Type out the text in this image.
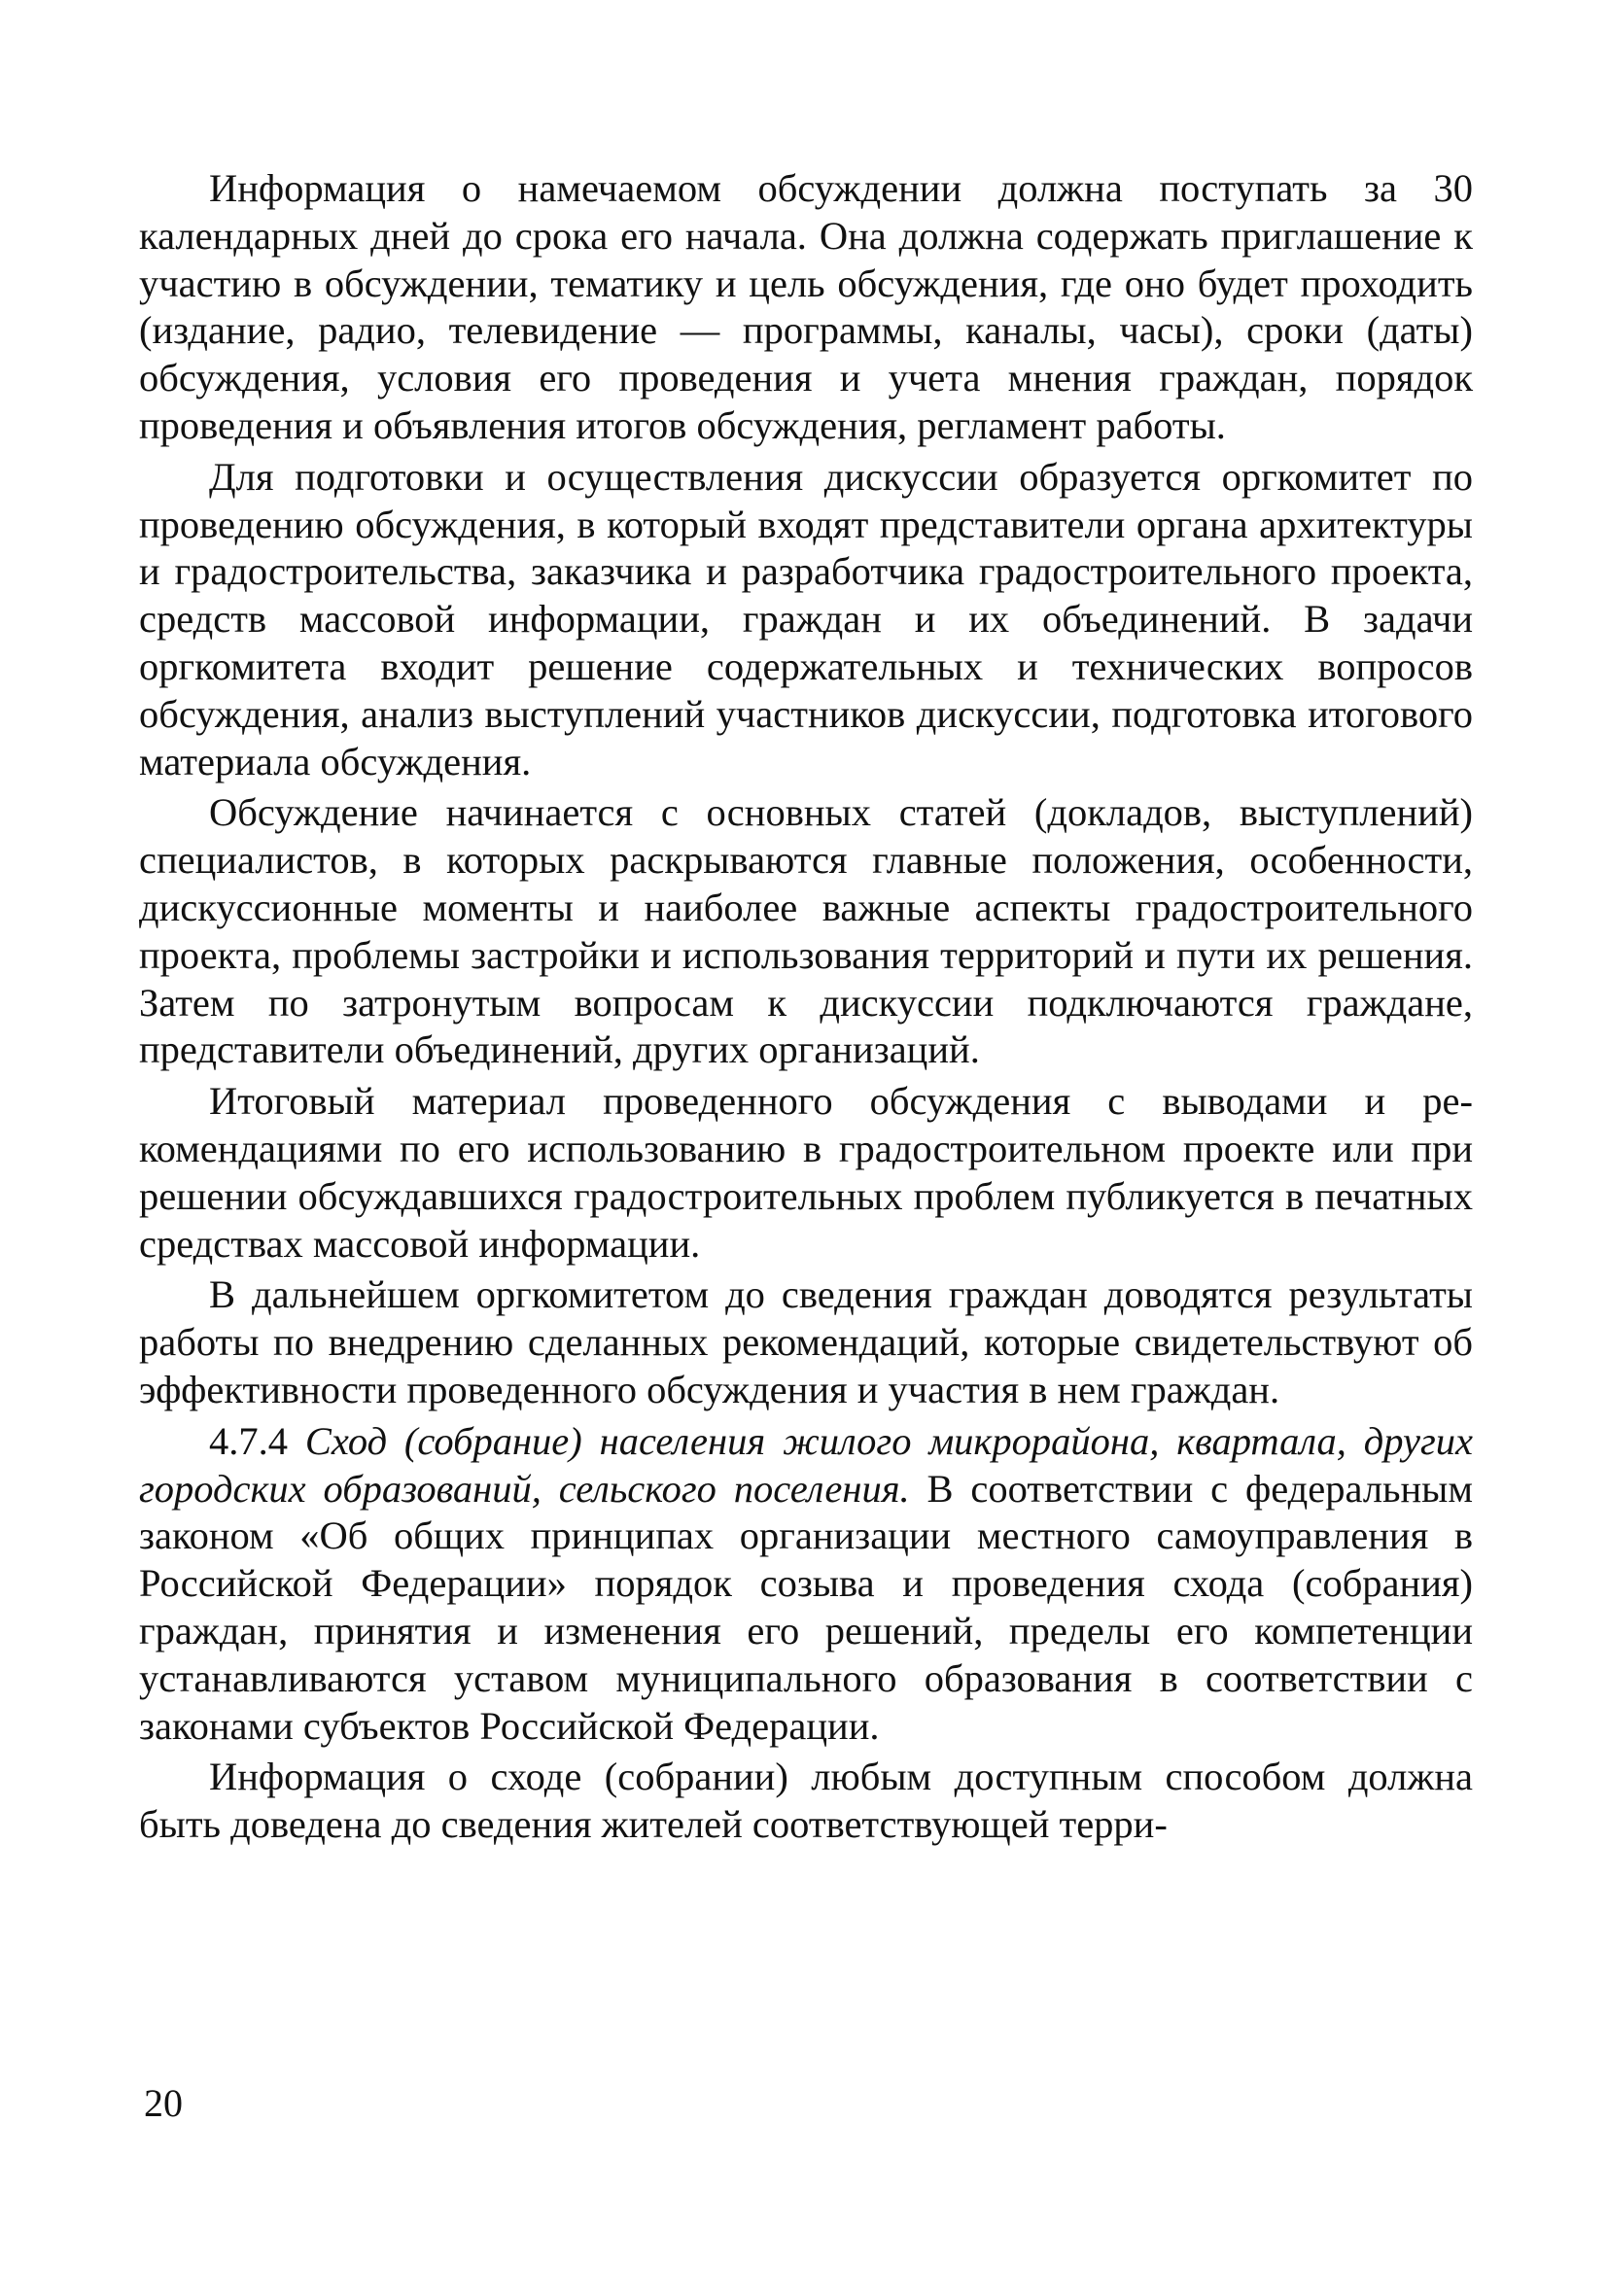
Информация о намечаемом обсуждении должна поступать за 30 календарных дней до срока его начала. Она должна содержать приглашение к участию в обсуждении, тематику и цель обсуждения, где оно будет проходить (издание, радио, телевидение — программы, каналы, часы), сроки (даты) обсуждения, условия его проведения и учета мнения граждан, порядок проведения и объявления итогов обсуждения, регламент работы.

Для подготовки и осуществления дискуссии образуется оргкомитет по проведению обсуждения, в который входят представители органа архитектуры и градостроительства, заказчика и разработчика градостроительного проекта, средств массовой информации, граждан и их объединений. В задачи оргкомитета входит решение содержательных и технических вопросов обсуждения, анализ выступлений участников дискуссии, подготовка итогового материала обсуждения.

Обсуждение начинается с основных статей (докладов, выступлений) специалистов, в которых раскрываются главные положения, особенности, дискуссионные моменты и наиболее важные аспекты градостроительного проекта, проблемы застройки и использования территорий и пути их решения. Затем по затронутым вопросам к дискуссии подключаются граждане, представители объединений, других организаций.

Итоговый материал проведенного обсуждения с выводами и рекомендациями по его использованию в градостроительном проекте или при решении обсуждавшихся градостроительных проблем публикуется в печатных средствах массовой информации.

В дальнейшем оргкомитетом до сведения граждан доводятся результаты работы по внедрению сделанных рекомендаций, которые свидетельствуют об эффективности проведенного обсуждения и участия в нем граждан.

4.7.4 Сход (собрание) населения жилого микрорайона, квартала, других городских образований, сельского поселения. В соответствии с федеральным законом «Об общих принципах организации местного самоуправления в Российской Федерации» порядок созыва и проведения схода (собрания) граждан, принятия и изменения его решений, пределы его компетенции устанавливаются уставом муниципального образования в соответствии с законами субъектов Российской Федерации.

Информация о сходе (собрании) любым доступным способом должна быть доведена до сведения жителей соответствующей терри-

20
